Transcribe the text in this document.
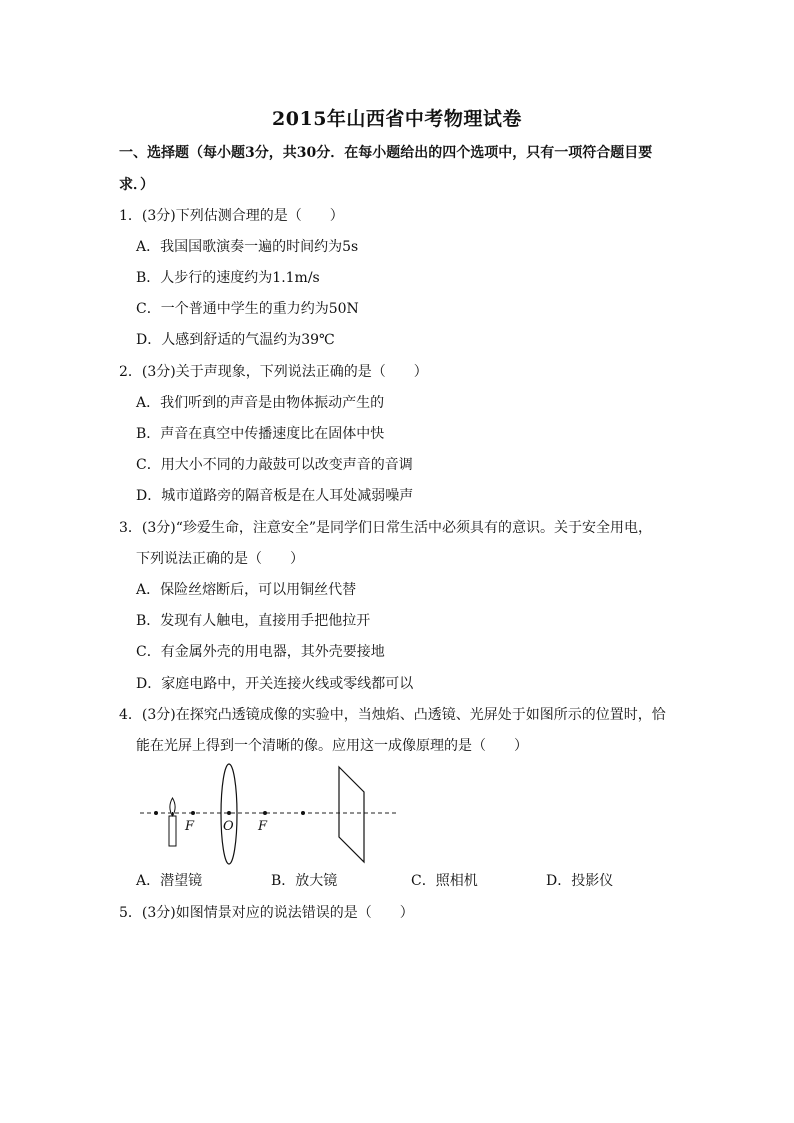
2015年山西省中考物理试卷
一、选择题（每小题3分，共30分．在每小题给出的四个选项中，只有一项符合题目要
求．）
1．(3分)下列估测合理的是（　　）
A．我国国歌演奏一遍的时间约为5s
B．人步行的速度约为1.1m/s
C．一个普通中学生的重力约为50N
D．人感到舒适的气温约为39℃
2．(3分)关于声现象，下列说法正确的是（　　）
A．我们听到的声音是由物体振动产生的
B．声音在真空中传播速度比在固体中快
C．用大小不同的力敲鼓可以改变声音的音调
D．城市道路旁的隔音板是在人耳处减弱噪声
3．(3分)“珍爱生命，注意安全”是同学们日常生活中必须具有的意识。关于安全用电，
下列说法正确的是（　　）
A．保险丝熔断后，可以用铜丝代替
B．发现有人触电，直接用手把他拉开
C．有金属外壳的用电器，其外壳要接地
D．家庭电路中，开关连接火线或零线都可以
4．(3分)在探究凸透镜成像的实验中，当烛焰、凸透镜、光屏处于如图所示的位置时，恰
能在光屏上得到一个清晰的像。应用这一成像原理的是（　　）
F O F
A．潜望镜	B．放大镜	C．照相机	D．投影仪
5．(3分)如图情景对应的说法错误的是（　　）
